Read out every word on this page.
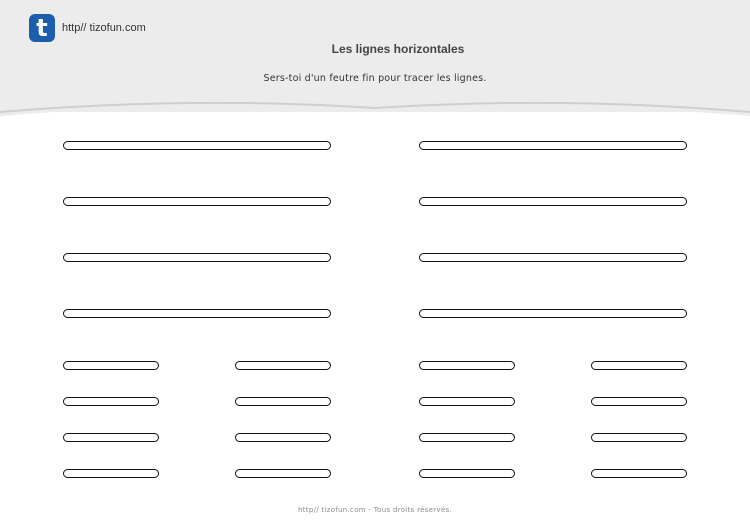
t	http// tizofun.com
Les lignes horizontales
Sers-toi d'un feutre fin pour tracer les lignes.
http// tizofun.com - Tous droits réservés.
